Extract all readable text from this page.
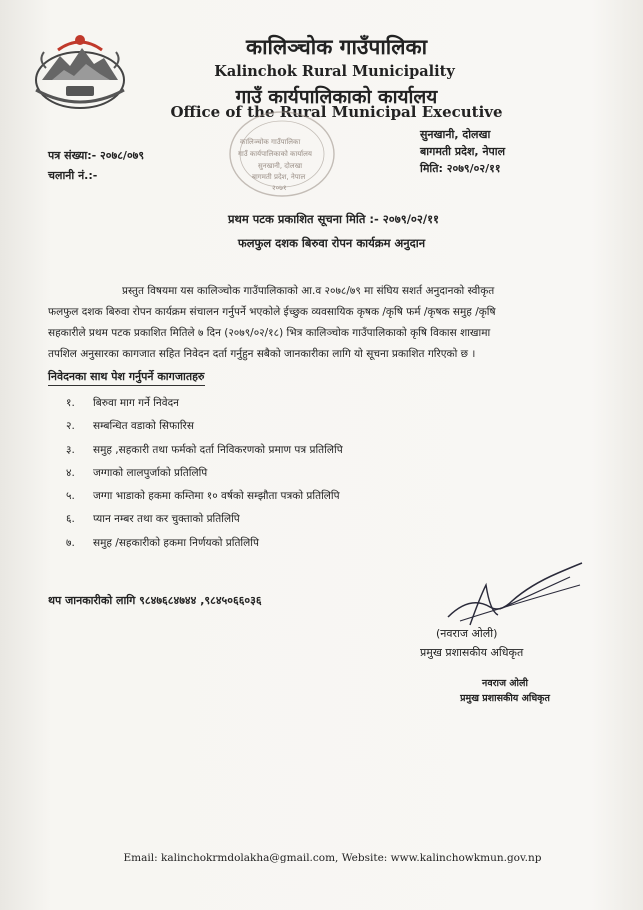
कालिञ्चोक गाउँपालिका
Kalinchok Rural Municipality
गाउँ कार्यपालिकाको कार्यालय
Office of the Rural Municipal Executive
कालिञ्चोक गाउँपालिका
गाउँ कार्यपालिकाको कार्यालय
सुनखानी, दोलखा
बागमती प्रदेश, नेपाल
२०७१
पत्र संख्या:- २०७८/०७९
चलानी नं.:-
सुनखानी, दोलखा
बागमती प्रदेश, नेपाल
मिति: २०७९/०२/११
प्रथम पटक प्रकाशित सूचना मिति :- २०७९/०२/११
फलफुल दशक बिरुवा रोपन कार्यक्रम अनुदान
प्रस्तुत विषयमा यस कालिञ्चोक गाउँपालिकाको आ.व २०७८/७९ मा संघिय सशर्त अनुदानको स्वीकृत
फलफुल दशक बिरुवा रोपन कार्यक्रम संचालन गर्नुपर्ने भएकोले ईच्छुक व्यवसायिक कृषक /कृषि फर्म /कृषक समुह /कृषि
सहकारीले प्रथम पटक प्रकाशित मितिले ७ दिन (२०७९/०२/१८) भित्र कालिञ्चोक गाउँपालिकाको कृषि विकास शाखामा
तपशिल अनुसारका कागजात सहित निवेदन दर्ता गर्नुहुन सबैको जानकारीका लागि यो सूचना प्रकाशित गरिएको छ ।
निवेदनका साथ पेश गर्नुपर्ने कागजातहरु
१. बिरुवा माग गर्ने निवेदन
२. सम्बन्धित वडाको सिफारिस
३. समुह ,सहकारी तथा फर्मको दर्ता निविकरणको प्रमाण पत्र प्रतिलिपि
४. जग्गाको लालपुर्जाको प्रतिलिपि
५. जग्गा भाडाको हकमा कम्तिमा १० वर्षको सम्झौता पत्रको प्रतिलिपि
६. प्यान नम्बर तथा कर चुक्ताको प्रतिलिपि
७. समुह /सहकारीको हकमा निर्णयको प्रतिलिपि
थप जानकारीको लागि ९८४७६८४७४४ ,९८४५०६६०३६
(नवराज ओली)
प्रमुख प्रशासकीय अधिकृत
नवराज ओली
प्रमुख प्रशासकीय अधिकृत
Email: kalinchokrmdolakha@gmail.com, Website: www.kalinchowkmun.gov.np
